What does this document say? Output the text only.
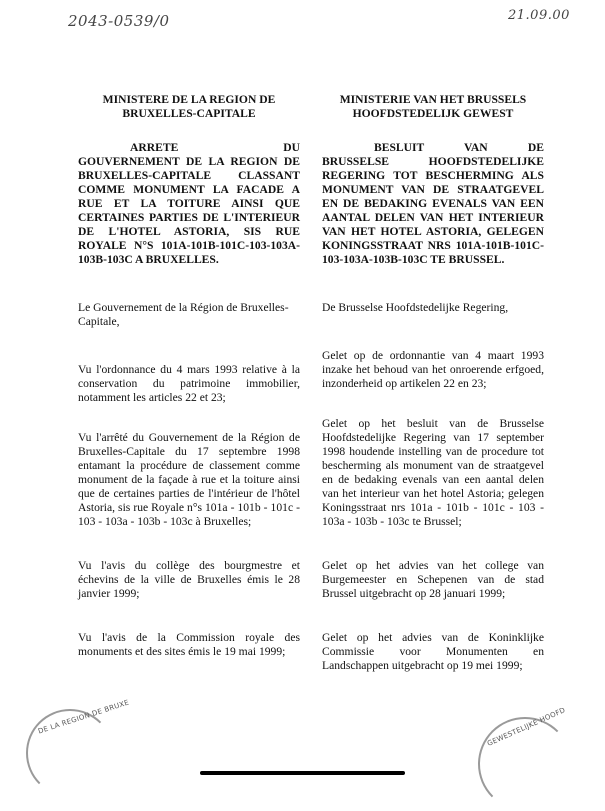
2043-0539/0	21.09.00
MINISTERE DE LA REGION DE
BRUXELLES-CAPITALE
ARRETE DU
GOUVERNEMENT DE LA REGION DE BRUXELLES-CAPITALE CLASSANT COMME MONUMENT LA FACADE A RUE ET LA TOITURE AINSI QUE CERTAINES PARTIES DE L'INTERIEUR DE L'HOTEL ASTORIA, SIS RUE ROYALE N°S 101A-101B-101C-103-103A-103B-103C A BRUXELLES.
Le Gouvernement de la Région de Bruxelles-Capitale,
Vu l'ordonnance du 4 mars 1993 relative à la conservation du patrimoine immobilier, notamment les articles 22 et 23;
Vu l'arrêté du Gouvernement de la Région de Bruxelles-Capitale du 17 septembre 1998 entamant la procédure de classement comme monument de la façade à rue et la toiture ainsi que de certaines parties de l'intérieur de l'hôtel Astoria, sis rue Royale n°s 101a - 101b - 101c - 103 - 103a - 103b - 103c à Bruxelles;
Vu l'avis du collège des bourgmestre et échevins de la ville de Bruxelles émis le 28 janvier 1999;
Vu l'avis de la Commission royale des monuments et des sites émis le 19 mai 1999;
MINISTERIE VAN HET BRUSSELS
HOOFDSTEDELIJK GEWEST
BESLUIT VAN DE
BRUSSELSE HOOFDSTEDELIJKE REGERING TOT BESCHERMING ALS MONUMENT VAN DE STRAATGEVEL EN DE BEDAKING EVENALS VAN EEN AANTAL DELEN VAN HET INTERIEUR VAN HET HOTEL ASTORIA, GELEGEN KONINGSSTRAAT NRS 101A-101B-101C-103-103A-103B-103C TE BRUSSEL.
De Brusselse Hoofdstedelijke Regering,
Gelet op de ordonnantie van 4 maart 1993 inzake het behoud van het onroerende erfgoed, inzonderheid op artikelen 22 en 23;
Gelet op het besluit van de Brusselse Hoofdstedelijke Regering van 17 september 1998 houdende instelling van de procedure tot bescherming als monument van de straatgevel en de bedaking evenals van een aantal delen van het interieur van het hotel Astoria; gelegen Koningsstraat nrs 101a - 101b - 101c - 103 - 103a - 103b - 103c te Brussel;
Gelet op het advies van het college van Burgemeester en Schepenen van de stad Brussel uitgebracht op 28 januari 1999;
Gelet op het advies van de Koninklijke Commissie voor Monumenten en Landschappen uitgebracht op 19 mei 1999;
DE LA REGION DE BRUXE	GEWESTELIJKE HOOFD
